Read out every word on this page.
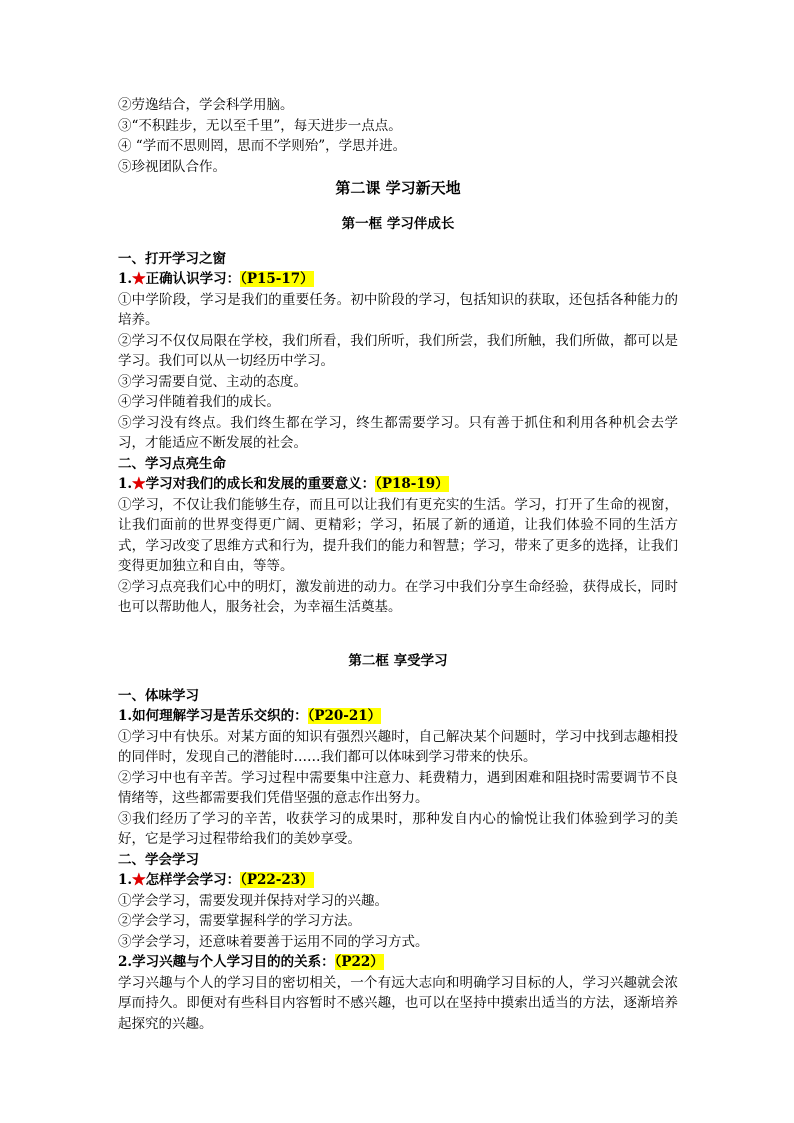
②劳逸结合，学会科学用脑。

③“不积跬步，无以至千里”，每天进步一点点。

④ “学而不思则罔，思而不学则殆”，学思并进。

⑤珍视团队合作。

第二课 学习新天地

第一框 学习伴成长

一、打开学习之窗

1.★正确认识学习：（P15-17）

①中学阶段，学习是我们的重要任务。初中阶段的学习，包括知识的获取，还包括各种能力的培养。

②学习不仅仅局限在学校，我们所看，我们所听，我们所尝，我们所触，我们所做，都可以是学习。我们可以从一切经历中学习。

③学习需要自觉、主动的态度。

④学习伴随着我们的成长。

⑤学习没有终点。我们终生都在学习，终生都需要学习。只有善于抓住和利用各种机会去学习，才能适应不断发展的社会。

二、学习点亮生命

1.★学习对我们的成长和发展的重要意义：（P18-19）

①学习，不仅让我们能够生存，而且可以让我们有更充实的生活。学习，打开了生命的视窗，让我们面前的世界变得更广阔、更精彩；学习，拓展了新的通道，让我们体验不同的生活方式，学习改变了思维方式和行为，提升我们的能力和智慧；学习，带来了更多的选择，让我们变得更加独立和自由，等等。

②学习点亮我们心中的明灯，激发前进的动力。在学习中我们分享生命经验，获得成长，同时也可以帮助他人，服务社会，为幸福生活奠基。

第二框 享受学习

一、体味学习

1.如何理解学习是苦乐交织的：（P20-21）

①学习中有快乐。对某方面的知识有强烈兴趣时，自己解决某个问题时，学习中找到志趣相投的同伴时，发现自己的潜能时……我们都可以体味到学习带来的快乐。

②学习中也有辛苦。学习过程中需要集中注意力、耗费精力，遇到困难和阻挠时需要调节不良情绪等，这些都需要我们凭借坚强的意志作出努力。

③我们经历了学习的辛苦，收获学习的成果时，那种发自内心的愉悦让我们体验到学习的美好，它是学习过程带给我们的美妙享受。

二、学会学习

1.★怎样学会学习：（P22-23）

①学会学习，需要发现并保持对学习的兴趣。

②学会学习，需要掌握科学的学习方法。

③学会学习，还意味着要善于运用不同的学习方式。

2.学习兴趣与个人学习目的的关系：（P22）

学习兴趣与个人的学习目的密切相关，一个有远大志向和明确学习目标的人，学习兴趣就会浓厚而持久。即便对有些科目内容暂时不感兴趣，也可以在坚持中摸索出适当的方法，逐渐培养起探究的兴趣。
